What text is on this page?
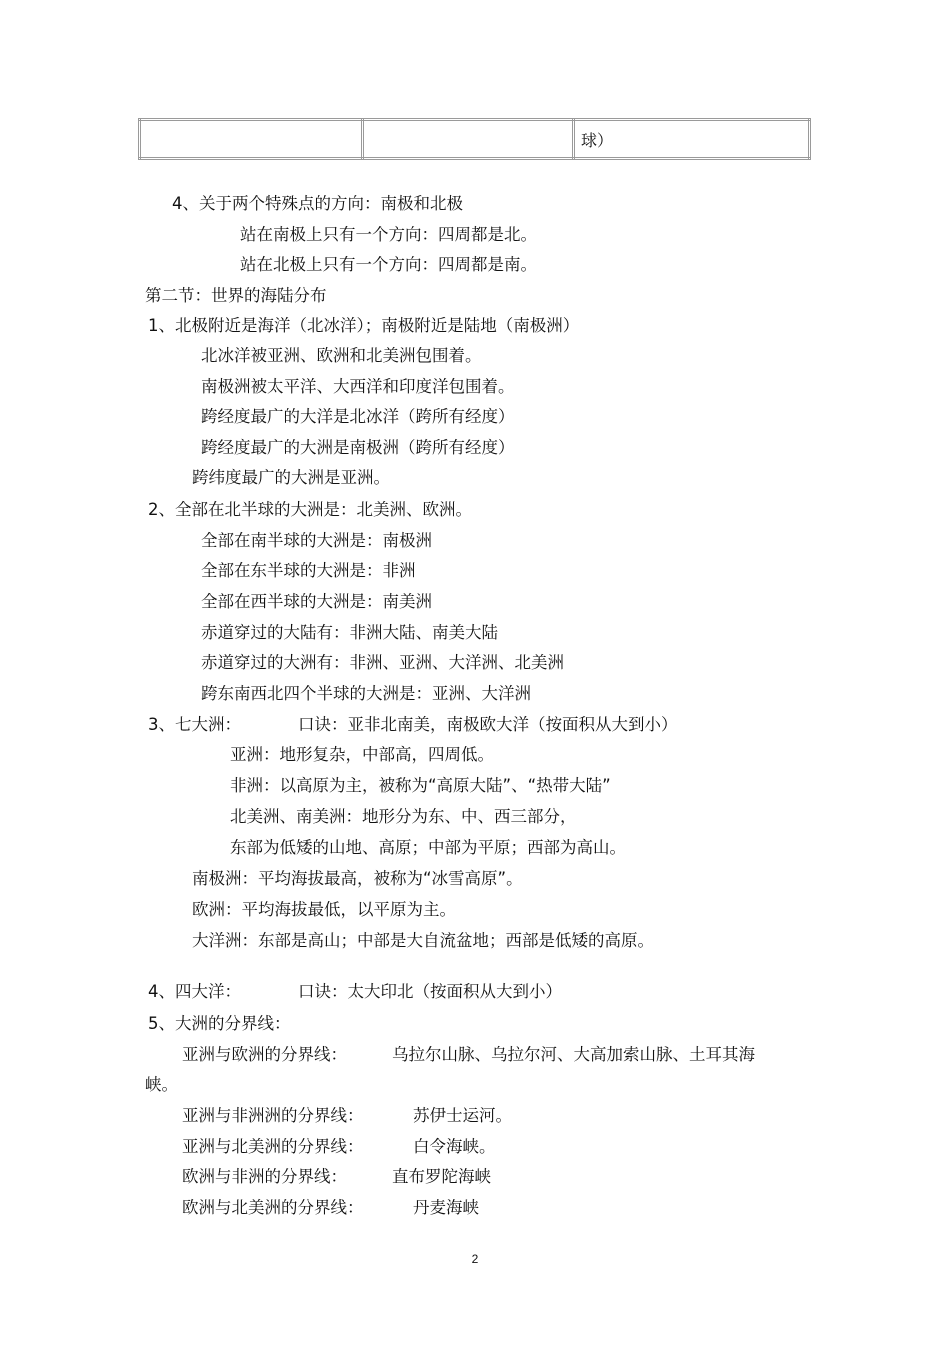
		球）
4、关于两个特殊点的方向：南极和北极
站在南极上只有一个方向：四周都是北。
站在北极上只有一个方向：四周都是南。
第二节：世界的海陆分布
1、北极附近是海洋（北冰洋）；南极附近是陆地（南极洲）
北冰洋被亚洲、欧洲和北美洲包围着。
南极洲被太平洋、大西洋和印度洋包围着。
跨经度最广的大洋是北冰洋（跨所有经度）
跨经度最广的大洲是南极洲（跨所有经度）
跨纬度最广的大洲是亚洲。
2、全部在北半球的大洲是：北美洲、欧洲。
全部在南半球的大洲是：南极洲
全部在东半球的大洲是：非洲
全部在西半球的大洲是：南美洲
赤道穿过的大陆有：非洲大陆、南美大陆
赤道穿过的大洲有：非洲、亚洲、大洋洲、北美洲
跨东南西北四个半球的大洲是：亚洲、大洋洲
3、七大洲：	口诀：亚非北南美，南极欧大洋（按面积从大到小）
亚洲：地形复杂，中部高，四周低。
非洲：以高原为主，被称为“高原大陆”、“热带大陆”
北美洲、南美洲：地形分为东、中、西三部分，
东部为低矮的山地、高原；中部为平原；西部为高山。
南极洲：平均海拔最高，被称为“冰雪高原”。
欧洲：平均海拔最低，以平原为主。
大洋洲：东部是高山；中部是大自流盆地；西部是低矮的高原。
4、四大洋：	口诀：太大印北（按面积从大到小）
5、大洲的分界线：
亚洲与欧洲的分界线：	乌拉尔山脉、乌拉尔河、大高加索山脉、土耳其海
峡。
亚洲与非洲洲的分界线：	苏伊士运河。
亚洲与北美洲的分界线：	白令海峡。
欧洲与非洲的分界线：	直布罗陀海峡
欧洲与北美洲的分界线：	丹麦海峡
2
